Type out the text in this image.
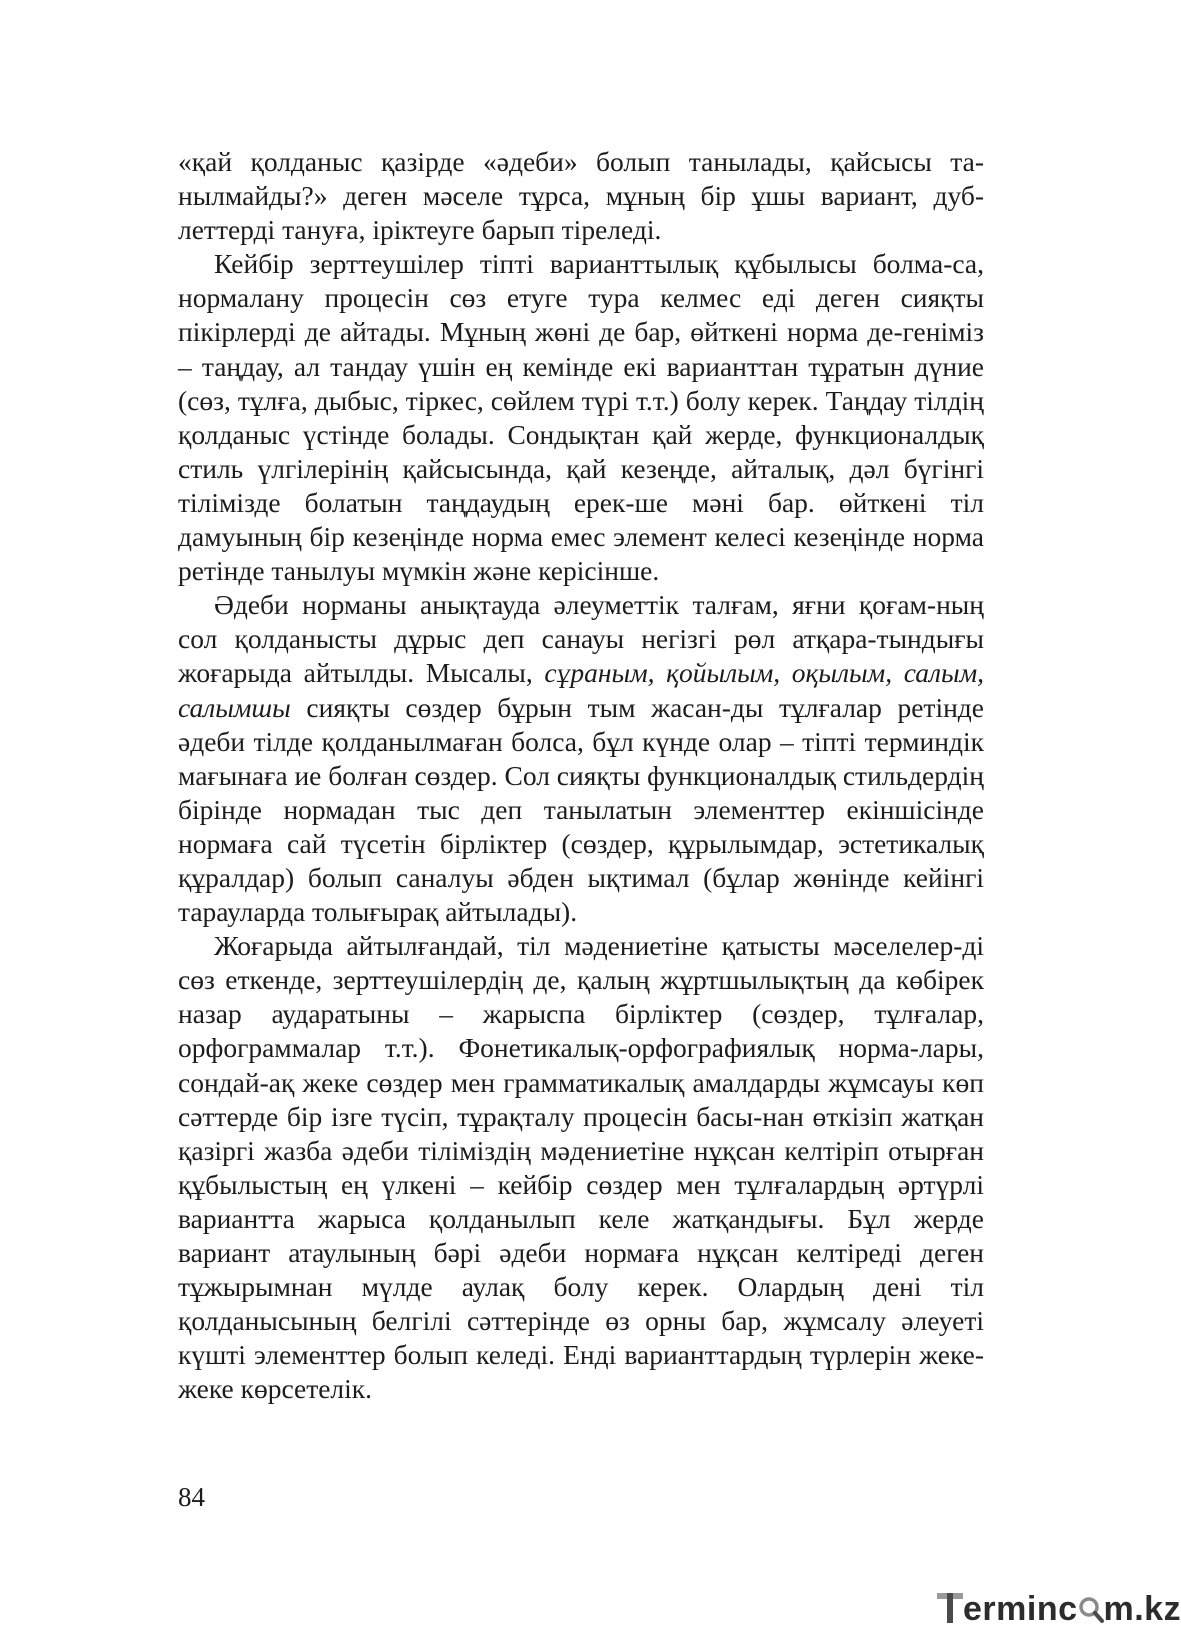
«қай қолданыс қазірде «әдеби» болып танылады, қайсысы та-нылмайды?» деген мәселе тұрса, мұның бір ұшы вариант, дуб-леттерді тануға, іріктеуге барып тіреледі.

Кейбір зерттеушілер тіпті варианттылық құбылысы болма-са, нормалану процесін сөз етуге тура келмес еді деген сияқты пікірлерді де айтады. Мұның жөні де бар, өйткені норма де-геніміз – таңдау, ал тандау үшін ең кемінде екі варианттан тұратын дүние (сөз, тұлға, дыбыс, тіркес, сөйлем түрі т.т.) болу керек. Таңдау тілдің қолданыс үстінде болады. Сондықтан қай жерде, функционалдық стиль үлгілерінің қайсысында, қай кезеңде, айталық, дәл бүгінгі тілімізде болатын таңдаудың ерек-ше мәні бар. өйткені тіл дамуының бір кезеңінде норма емес элемент келесі кезеңінде норма ретінде танылуы мүмкін және керісінше.

Әдеби норманы анықтауда әлеуметтік талғам, яғни қоғам-ның сол қолданысты дұрыс деп санауы негізгі рөл атқара-тындығы жоғарыда айтылды. Мысалы, сұраным, қойылым, оқылым, салым, салымшы сияқты сөздер бұрын тым жасан-ды тұлғалар ретінде әдеби тілде қолданылмаған болса, бұл күнде олар – тіпті терминдік мағынаға ие болған сөздер. Сол сияқты функционалдық стильдердің бірінде нормадан тыс деп танылатын элементтер екіншісінде нормаға сай түсетін бірліктер (сөздер, құрылымдар, эстетикалық құралдар) болып саналуы әбден ықтимал (бұлар жөнінде кейінгі тарауларда толығырақ айтылады).

Жоғарыда айтылғандай, тіл мәдениетіне қатысты мәселелер-ді сөз еткенде, зерттеушілердің де, қалың жұртшылықтың да көбірек назар аударатыны – жарыспа бірліктер (сөздер, тұлғалар, орфограммалар т.т.). Фонетикалық-орфографиялық норма-лары, сондай-ақ жеке сөздер мен грамматикалық амалдарды жұмсауы көп сәттерде бір ізге түсіп, тұрақталу процесін басы-нан өткізіп жатқан қазіргі жазба әдеби тіліміздің мәдениетіне нұқсан келтіріп отырған құбылыстың ең үлкені – кейбір сөздер мен тұлғалардың әртүрлі вариантта жарыса қолданылып келе жатқандығы. Бұл жерде вариант атаулының бәрі әдеби нормаға нұқсан келтіреді деген тұжырымнан мүлде аулақ болу керек. Олардың дені тіл қолданысының белгілі сәттерінде өз орны бар, жұмсалу әлеуеті күшті элементтер болып келеді. Енді варианттардың түрлерін жеке-жеке көрсетелік.

84
erminc m.kz
